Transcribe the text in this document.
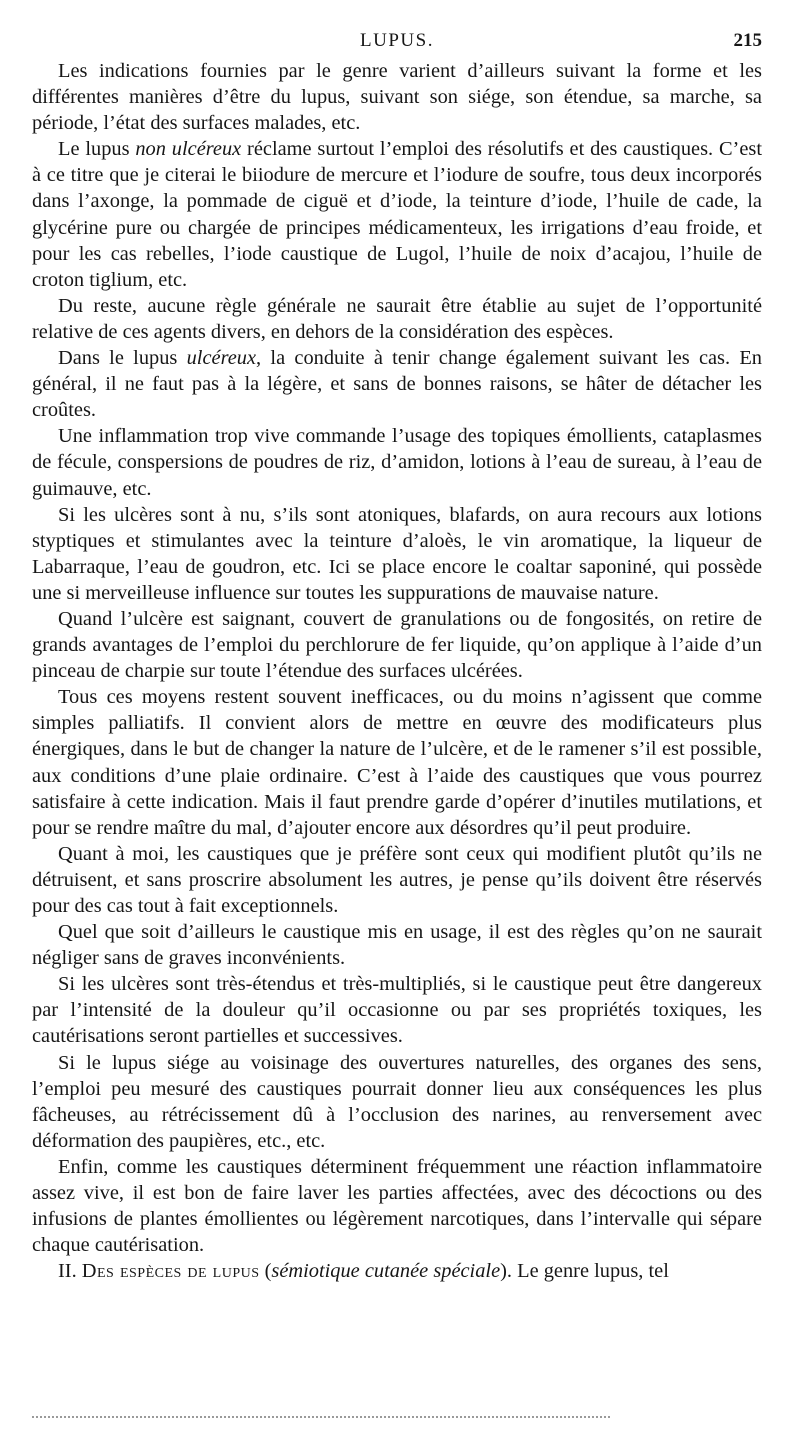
LUPUS.	215

Les indications fournies par le genre varient d’ailleurs suivant la forme et les différentes manières d’être du lupus, suivant son siége, son étendue, sa marche, sa période, l’état des surfaces malades, etc.

Le lupus non ulcéreux réclame surtout l’emploi des résolutifs et des caustiques. C’est à ce titre que je citerai le biiodure de mercure et l’iodure de soufre, tous deux incorporés dans l’axonge, la pommade de ciguë et d’iode, la teinture d’iode, l’huile de cade, la glycérine pure ou chargée de principes médicamenteux, les irrigations d’eau froide, et pour les cas rebelles, l’iode caustique de Lugol, l’huile de noix d’acajou, l’huile de croton tiglium, etc.

Du reste, aucune règle générale ne saurait être établie au sujet de l’opportunité relative de ces agents divers, en dehors de la considération des espèces.

Dans le lupus ulcéreux, la conduite à tenir change également suivant les cas. En général, il ne faut pas à la légère, et sans de bonnes raisons, se hâter de détacher les croûtes.

Une inflammation trop vive commande l’usage des topiques émollients, cataplasmes de fécule, conspersions de poudres de riz, d’amidon, lotions à l’eau de sureau, à l’eau de guimauve, etc.

Si les ulcères sont à nu, s’ils sont atoniques, blafards, on aura recours aux lotions styptiques et stimulantes avec la teinture d’aloès, le vin aromatique, la liqueur de Labarraque, l’eau de goudron, etc. Ici se place encore le coaltar saponiné, qui possède une si merveilleuse influence sur toutes les suppurations de mauvaise nature.

Quand l’ulcère est saignant, couvert de granulations ou de fongosités, on retire de grands avantages de l’emploi du perchlorure de fer liquide, qu’on applique à l’aide d’un pinceau de charpie sur toute l’étendue des surfaces ulcérées.

Tous ces moyens restent souvent inefficaces, ou du moins n’agissent que comme simples palliatifs. Il convient alors de mettre en œuvre des modificateurs plus énergiques, dans le but de changer la nature de l’ulcère, et de le ramener s’il est possible, aux conditions d’une plaie ordinaire. C’est à l’aide des caustiques que vous pourrez satisfaire à cette indication. Mais il faut prendre garde d’opérer d’inutiles mutilations, et pour se rendre maître du mal, d’ajouter encore aux désordres qu’il peut produire.

Quant à moi, les caustiques que je préfère sont ceux qui modifient plutôt qu’ils ne détruisent, et sans proscrire absolument les autres, je pense qu’ils doivent être réservés pour des cas tout à fait exceptionnels.

Quel que soit d’ailleurs le caustique mis en usage, il est des règles qu’on ne saurait négliger sans de graves inconvénients.

Si les ulcères sont très-étendus et très-multipliés, si le caustique peut être dangereux par l’intensité de la douleur qu’il occasionne ou par ses propriétés toxiques, les cautérisations seront partielles et successives.

Si le lupus siége au voisinage des ouvertures naturelles, des organes des sens, l’emploi peu mesuré des caustiques pourrait donner lieu aux conséquences les plus fâcheuses, au rétrécissement dû à l’occlusion des narines, au renversement avec déformation des paupières, etc., etc.

Enfin, comme les caustiques déterminent fréquemment une réaction inflammatoire assez vive, il est bon de faire laver les parties affectées, avec des décoctions ou des infusions de plantes émollientes ou légèrement narcotiques, dans l’intervalle qui sépare chaque cautérisation.

II. Des espèces de lupus (sémiotique cutanée spéciale). Le genre lupus, tel
